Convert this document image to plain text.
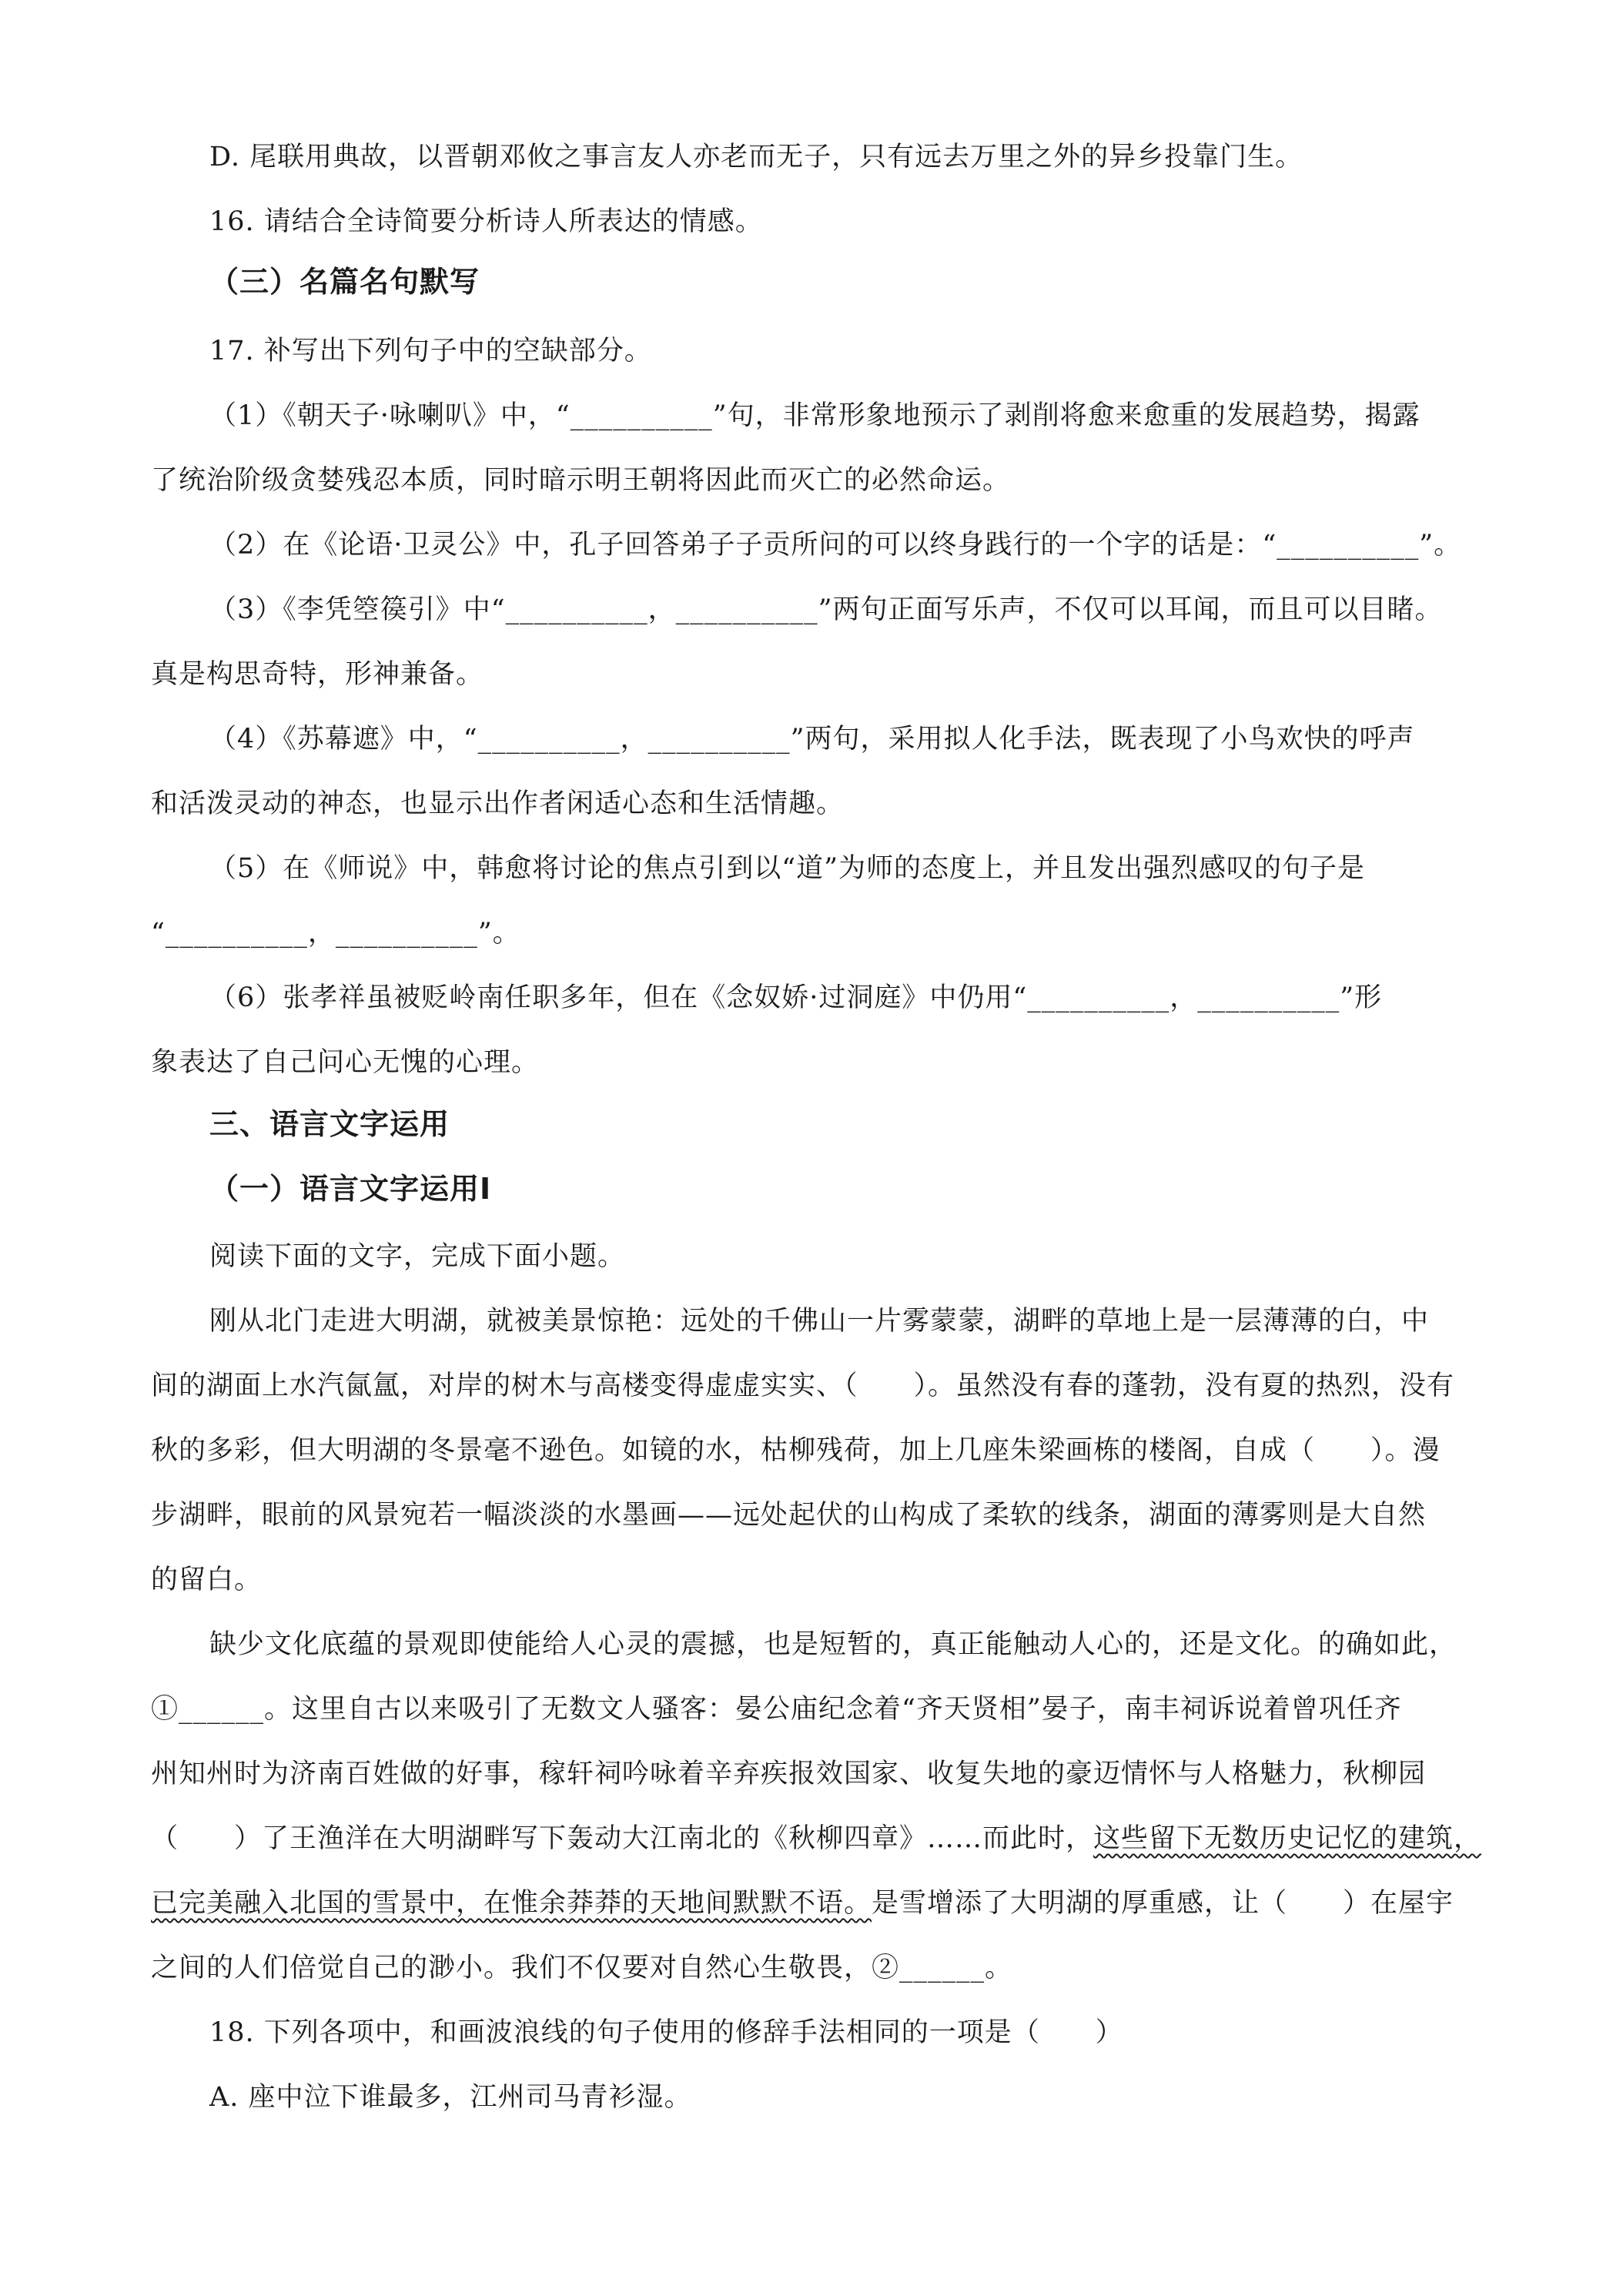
D. 尾联用典故，以晋朝邓攸之事言友人亦老而无子，只有远去万里之外的异乡投靠门生。
16. 请结合全诗简要分析诗人所表达的情感。
（三）名篇名句默写
17. 补写出下列句子中的空缺部分。
（1）《朝天子·咏喇叭》中，“__________”句，非常形象地预示了剥削将愈来愈重的发展趋势，揭露
了统治阶级贪婪残忍本质，同时暗示明王朝将因此而灭亡的必然命运。
（2）在《论语·卫灵公》中，孔子回答弟子子贡所问的可以终身践行的一个字的话是：“__________”。
（3）《李凭箜篌引》中“__________，__________”两句正面写乐声，不仅可以耳闻，而且可以目睹。
真是构思奇特，形神兼备。
（4）《苏幕遮》中，“__________，__________”两句，采用拟人化手法，既表现了小鸟欢快的呼声
和活泼灵动的神态，也显示出作者闲适心态和生活情趣。
（5）在《师说》中，韩愈将讨论的焦点引到以“道”为师的态度上，并且发出强烈感叹的句子是
“__________，__________”。
（6）张孝祥虽被贬岭南任职多年，但在《念奴娇·过洞庭》中仍用“__________，__________”形
象表达了自己问心无愧的心理。
三、语言文字运用
（一）语言文字运用Ⅰ
阅读下面的文字，完成下面小题。
刚从北门走进大明湖，就被美景惊艳：远处的千佛山一片雾蒙蒙，湖畔的草地上是一层薄薄的白，中
间的湖面上水汽氤氲，对岸的树木与高楼变得虚虚实实、（　　）。虽然没有春的蓬勃，没有夏的热烈，没有
秋的多彩，但大明湖的冬景毫不逊色。如镜的水，枯柳残荷，加上几座朱梁画栋的楼阁，自成（　　）。漫
步湖畔，眼前的风景宛若一幅淡淡的水墨画——远处起伏的山构成了柔软的线条，湖面的薄雾则是大自然
的留白。
缺少文化底蕴的景观即使能给人心灵的震撼，也是短暂的，真正能触动人心的，还是文化。的确如此，
①______。这里自古以来吸引了无数文人骚客：晏公庙纪念着“齐天贤相”晏子，南丰祠诉说着曾巩任齐
州知州时为济南百姓做的好事，稼轩祠吟咏着辛弃疾报效国家、收复失地的豪迈情怀与人格魅力，秋柳园
（　　）了王渔洋在大明湖畔写下轰动大江南北的《秋柳四章》……而此时，这些留下无数历史记忆的建筑，
已完美融入北国的雪景中，在惟余莽莽的天地间默默不语。是雪增添了大明湖的厚重感，让（　　）在屋宇
之间的人们倍觉自己的渺小。我们不仅要对自然心生敬畏，②______。
18. 下列各项中，和画波浪线的句子使用的修辞手法相同的一项是（　　）
A. 座中泣下谁最多，江州司马青衫湿。
